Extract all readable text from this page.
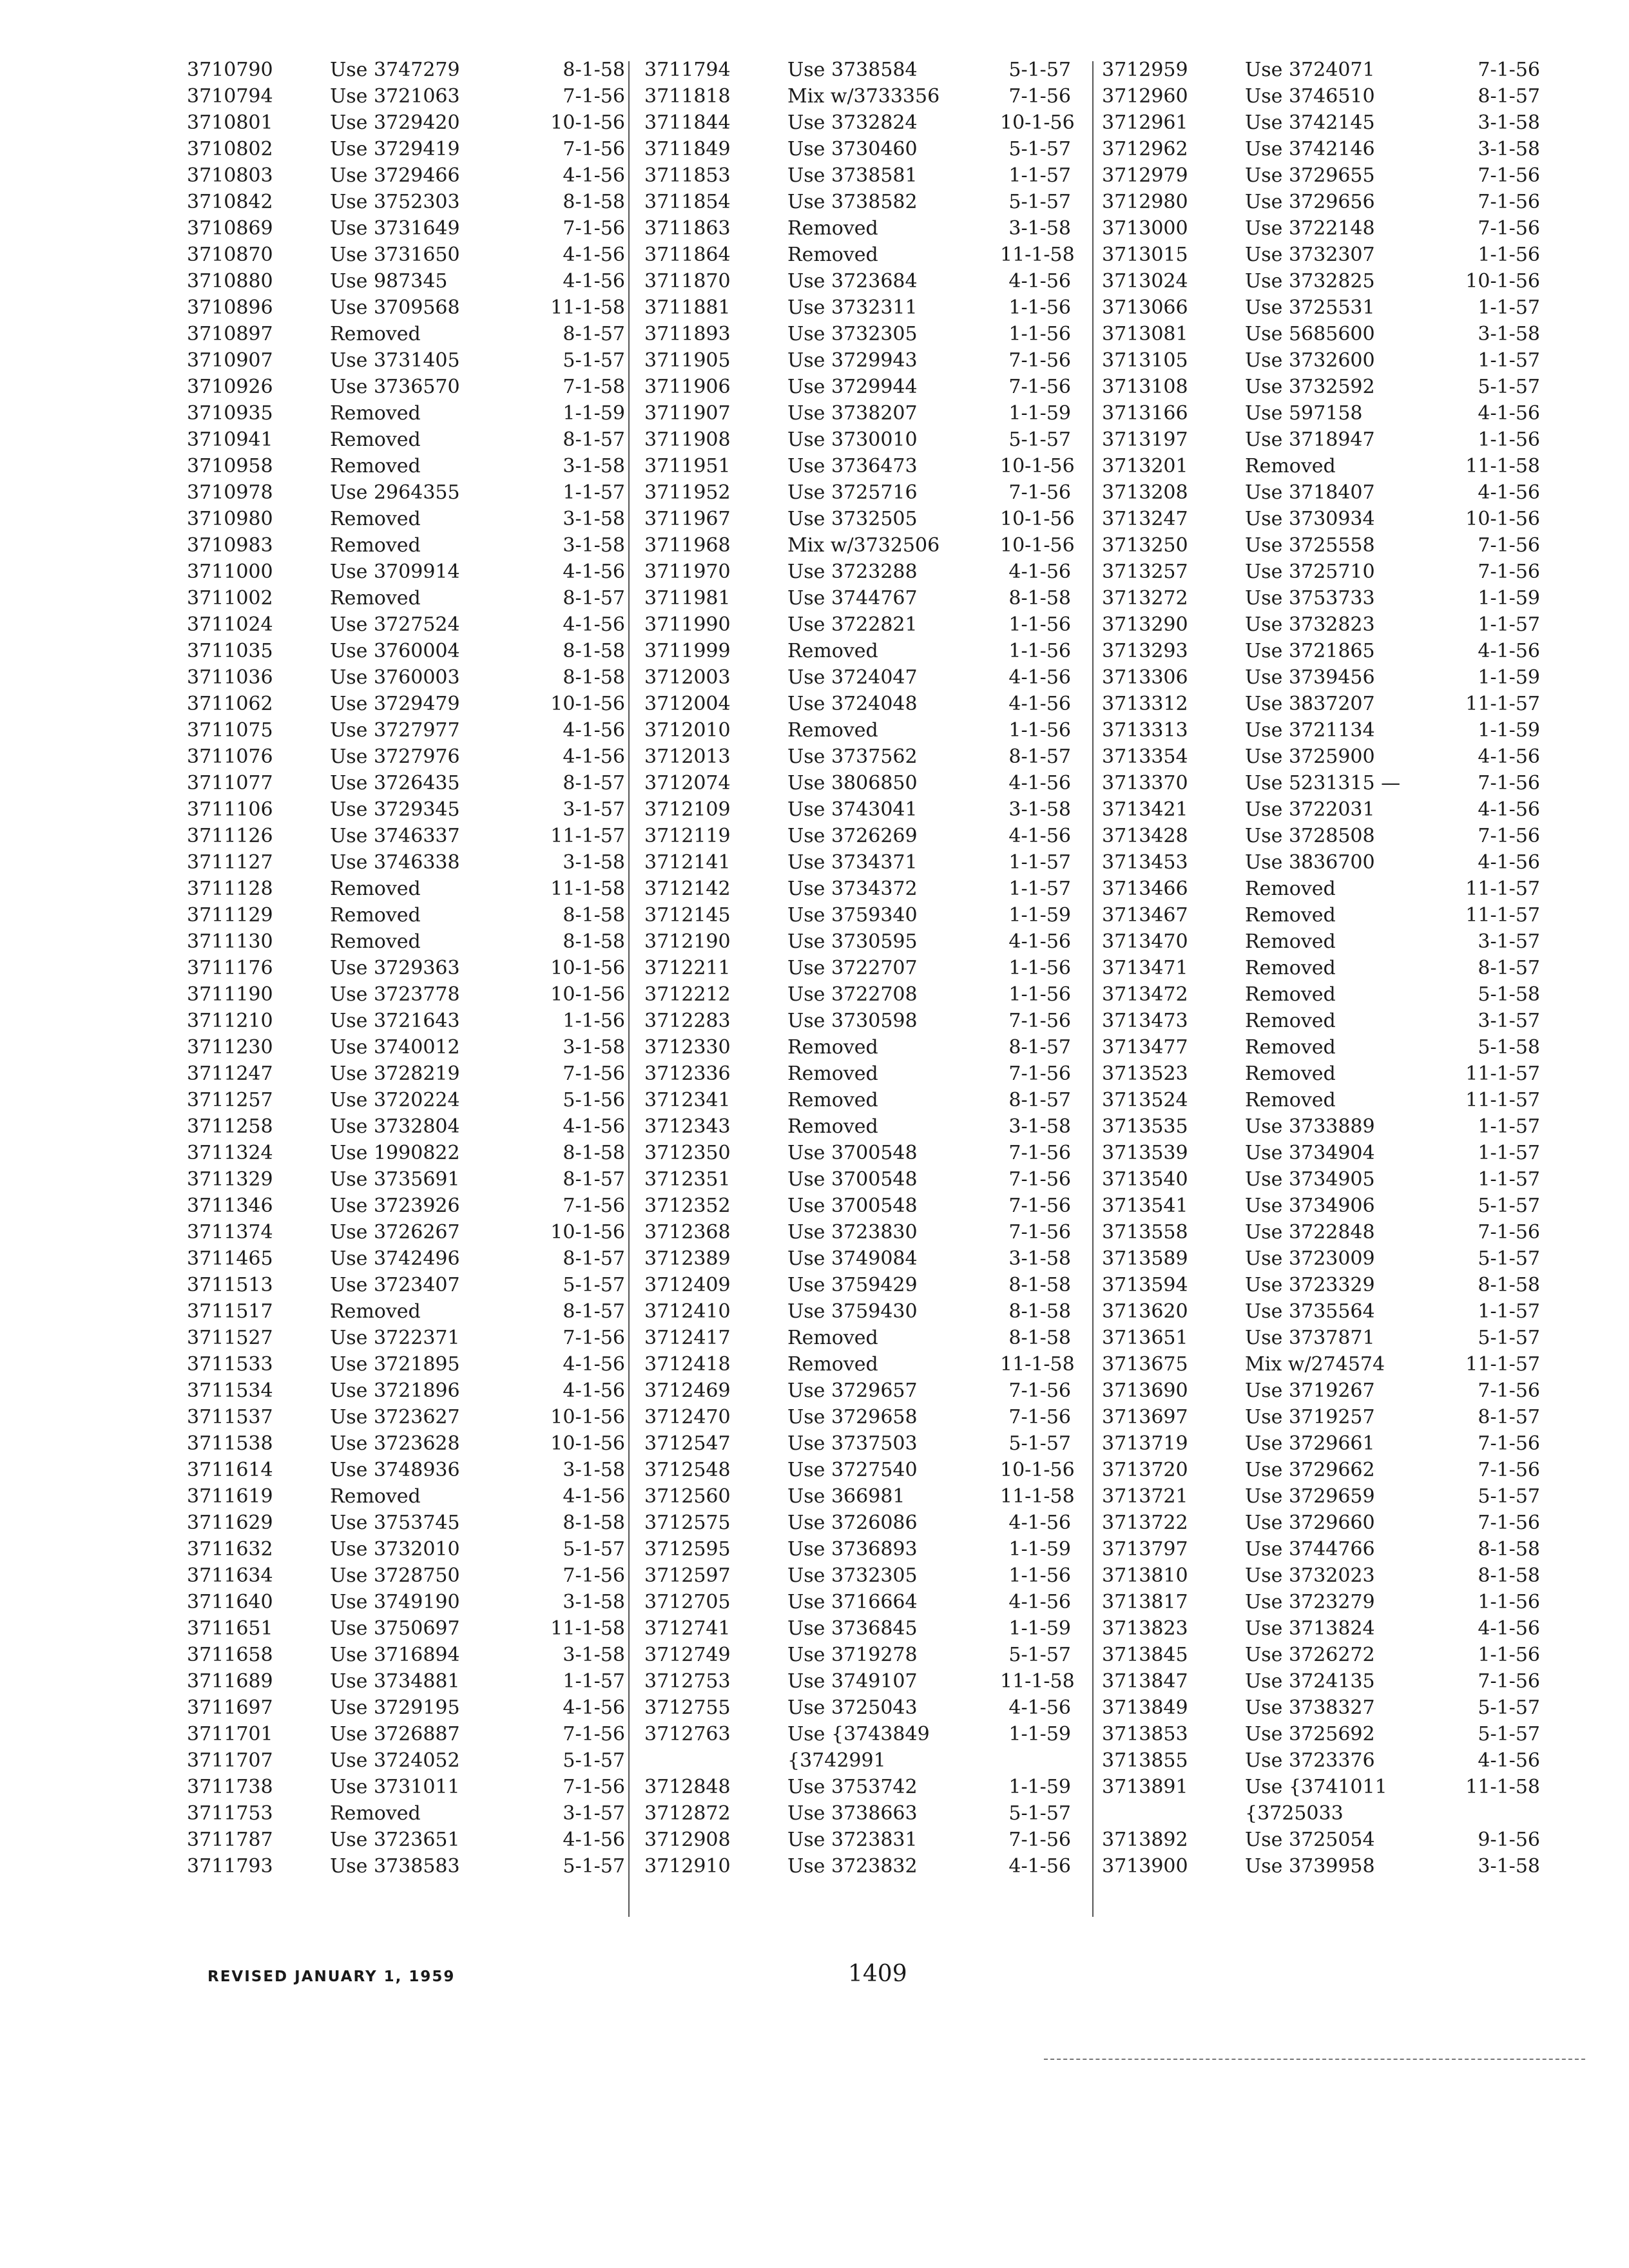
3710790	Use 3747279	8-1-58
3710794	Use 3721063	7-1-56
3710801	Use 3729420	10-1-56
3710802	Use 3729419	7-1-56
3710803	Use 3729466	4-1-56
3710842	Use 3752303	8-1-58
3710869	Use 3731649	7-1-56
3710870	Use 3731650	4-1-56
3710880	Use 987345	4-1-56
3710896	Use 3709568	11-1-58
3710897	Removed	8-1-57
3710907	Use 3731405	5-1-57
3710926	Use 3736570	7-1-58
3710935	Removed	1-1-59
3710941	Removed	8-1-57
3710958	Removed	3-1-58
3710978	Use 2964355	1-1-57
3710980	Removed	3-1-58
3710983	Removed	3-1-58
3711000	Use 3709914	4-1-56
3711002	Removed	8-1-57
3711024	Use 3727524	4-1-56
3711035	Use 3760004	8-1-58
3711036	Use 3760003	8-1-58
3711062	Use 3729479	10-1-56
3711075	Use 3727977	4-1-56
3711076	Use 3727976	4-1-56
3711077	Use 3726435	8-1-57
3711106	Use 3729345	3-1-57
3711126	Use 3746337	11-1-57
3711127	Use 3746338	3-1-58
3711128	Removed	11-1-58
3711129	Removed	8-1-58
3711130	Removed	8-1-58
3711176	Use 3729363	10-1-56
3711190	Use 3723778	10-1-56
3711210	Use 3721643	1-1-56
3711230	Use 3740012	3-1-58
3711247	Use 3728219	7-1-56
3711257	Use 3720224	5-1-56
3711258	Use 3732804	4-1-56
3711324	Use 1990822	8-1-58
3711329	Use 3735691	8-1-57
3711346	Use 3723926	7-1-56
3711374	Use 3726267	10-1-56
3711465	Use 3742496	8-1-57
3711513	Use 3723407	5-1-57
3711517	Removed	8-1-57
3711527	Use 3722371	7-1-56
3711533	Use 3721895	4-1-56
3711534	Use 3721896	4-1-56
3711537	Use 3723627	10-1-56
3711538	Use 3723628	10-1-56
3711614	Use 3748936	3-1-58
3711619	Removed	4-1-56
3711629	Use 3753745	8-1-58
3711632	Use 3732010	5-1-57
3711634	Use 3728750	7-1-56
3711640	Use 3749190	3-1-58
3711651	Use 3750697	11-1-58
3711658	Use 3716894	3-1-58
3711689	Use 3734881	1-1-57
3711697	Use 3729195	4-1-56
3711701	Use 3726887	7-1-56
3711707	Use 3724052	5-1-57
3711738	Use 3731011	7-1-56
3711753	Removed	3-1-57
3711787	Use 3723651	4-1-56
3711793	Use 3738583	5-1-57
3711794	Use 3738584	5-1-57
3711818	Mix w/3733356	7-1-56
3711844	Use 3732824	10-1-56
3711849	Use 3730460	5-1-57
3711853	Use 3738581	1-1-57
3711854	Use 3738582	5-1-57
3711863	Removed	3-1-58
3711864	Removed	11-1-58
3711870	Use 3723684	4-1-56
3711881	Use 3732311	1-1-56
3711893	Use 3732305	1-1-56
3711905	Use 3729943	7-1-56
3711906	Use 3729944	7-1-56
3711907	Use 3738207	1-1-59
3711908	Use 3730010	5-1-57
3711951	Use 3736473	10-1-56
3711952	Use 3725716	7-1-56
3711967	Use 3732505	10-1-56
3711968	Mix w/3732506	10-1-56
3711970	Use 3723288	4-1-56
3711981	Use 3744767	8-1-58
3711990	Use 3722821	1-1-56
3711999	Removed	1-1-56
3712003	Use 3724047	4-1-56
3712004	Use 3724048	4-1-56
3712010	Removed	1-1-56
3712013	Use 3737562	8-1-57
3712074	Use 3806850	4-1-56
3712109	Use 3743041	3-1-58
3712119	Use 3726269	4-1-56
3712141	Use 3734371	1-1-57
3712142	Use 3734372	1-1-57
3712145	Use 3759340	1-1-59
3712190	Use 3730595	4-1-56
3712211	Use 3722707	1-1-56
3712212	Use 3722708	1-1-56
3712283	Use 3730598	7-1-56
3712330	Removed	8-1-57
3712336	Removed	7-1-56
3712341	Removed	8-1-57
3712343	Removed	3-1-58
3712350	Use 3700548	7-1-56
3712351	Use 3700548	7-1-56
3712352	Use 3700548	7-1-56
3712368	Use 3723830	7-1-56
3712389	Use 3749084	3-1-58
3712409	Use 3759429	8-1-58
3712410	Use 3759430	8-1-58
3712417	Removed	8-1-58
3712418	Removed	11-1-58
3712469	Use 3729657	7-1-56
3712470	Use 3729658	7-1-56
3712547	Use 3737503	5-1-57
3712548	Use 3727540	10-1-56
3712560	Use 366981	11-1-58
3712575	Use 3726086	4-1-56
3712595	Use 3736893	1-1-59
3712597	Use 3732305	1-1-56
3712705	Use 3716664	4-1-56
3712741	Use 3736845	1-1-59
3712749	Use 3719278	5-1-57
3712753	Use 3749107	11-1-58
3712755	Use 3725043	4-1-56
3712763	Use {3743849	1-1-59
{3742991
3712848	Use 3753742	1-1-59
3712872	Use 3738663	5-1-57
3712908	Use 3723831	7-1-56
3712910	Use 3723832	4-1-56
3712959	Use 3724071	7-1-56
3712960	Use 3746510	8-1-57
3712961	Use 3742145	3-1-58
3712962	Use 3742146	3-1-58
3712979	Use 3729655	7-1-56
3712980	Use 3729656	7-1-56
3713000	Use 3722148	7-1-56
3713015	Use 3732307	1-1-56
3713024	Use 3732825	10-1-56
3713066	Use 3725531	1-1-57
3713081	Use 5685600	3-1-58
3713105	Use 3732600	1-1-57
3713108	Use 3732592	5-1-57
3713166	Use 597158	4-1-56
3713197	Use 3718947	1-1-56
3713201	Removed	11-1-58
3713208	Use 3718407	4-1-56
3713247	Use 3730934	10-1-56
3713250	Use 3725558	7-1-56
3713257	Use 3725710	7-1-56
3713272	Use 3753733	1-1-59
3713290	Use 3732823	1-1-57
3713293	Use 3721865	4-1-56
3713306	Use 3739456	1-1-59
3713312	Use 3837207	11-1-57
3713313	Use 3721134	1-1-59
3713354	Use 3725900	4-1-56
3713370	Use 5231315 —	7-1-56
3713421	Use 3722031	4-1-56
3713428	Use 3728508	7-1-56
3713453	Use 3836700	4-1-56
3713466	Removed	11-1-57
3713467	Removed	11-1-57
3713470	Removed	3-1-57
3713471	Removed	8-1-57
3713472	Removed	5-1-58
3713473	Removed	3-1-57
3713477	Removed	5-1-58
3713523	Removed	11-1-57
3713524	Removed	11-1-57
3713535	Use 3733889	1-1-57
3713539	Use 3734904	1-1-57
3713540	Use 3734905	1-1-57
3713541	Use 3734906	5-1-57
3713558	Use 3722848	7-1-56
3713589	Use 3723009	5-1-57
3713594	Use 3723329	8-1-58
3713620	Use 3735564	1-1-57
3713651	Use 3737871	5-1-57
3713675	Mix w/274574	11-1-57
3713690	Use 3719267	7-1-56
3713697	Use 3719257	8-1-57
3713719	Use 3729661	7-1-56
3713720	Use 3729662	7-1-56
3713721	Use 3729659	5-1-57
3713722	Use 3729660	7-1-56
3713797	Use 3744766	8-1-58
3713810	Use 3732023	8-1-58
3713817	Use 3723279	1-1-56
3713823	Use 3713824	4-1-56
3713845	Use 3726272	1-1-56
3713847	Use 3724135	7-1-56
3713849	Use 3738327	5-1-57
3713853	Use 3725692	5-1-57
3713855	Use 3723376	4-1-56
3713891	Use {3741011	11-1-58
{3725033
3713892	Use 3725054	9-1-56
3713900	Use 3739958	3-1-58
REVISED JANUARY 1, 1959	1409
